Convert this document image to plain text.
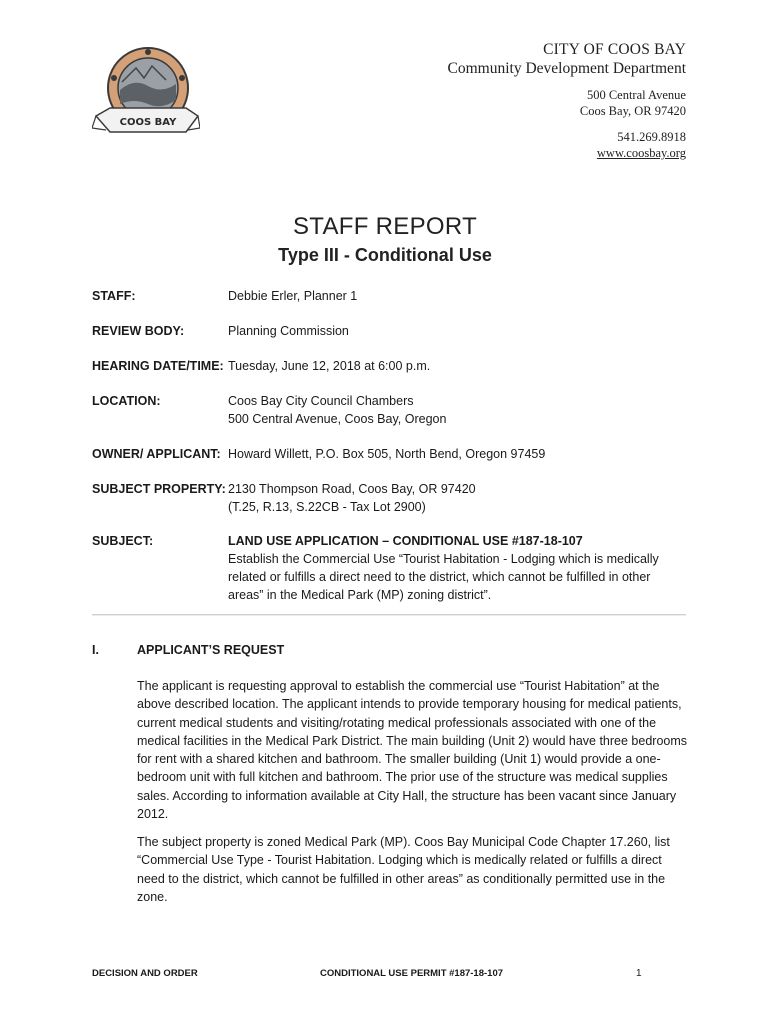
COOS BAY
CITY OF COOS BAY
Community Development Department
500 Central Avenue
Coos Bay, OR 97420
541.269.8918
www.coosbay.org
STAFF REPORT
Type III - Conditional Use
STAFF:	Debbie Erler, Planner 1
REVIEW BODY:	Planning Commission
HEARING DATE/TIME: Tuesday, June 12, 2018 at 6:00 p.m.
LOCATION:	Coos Bay City Council Chambers
500 Central Avenue, Coos Bay, Oregon
OWNER/ APPLICANT: Howard Willett, P.O. Box 505, North Bend, Oregon 97459
SUBJECT PROPERTY: 2130 Thompson Road, Coos Bay, OR 97420
(T.25, R.13, S.22CB - Tax Lot 2900)
SUBJECT:	LAND USE APPLICATION – CONDITIONAL USE #187-18-107
Establish the Commercial Use “Tourist Habitation - Lodging which is medically related or fulfills a direct need to the district, which cannot be fulfilled in other areas” in the Medical Park (MP) zoning district”.
I.	APPLICANT’S REQUEST
The applicant is requesting approval to establish the commercial use “Tourist Habitation” at the above described location. The applicant intends to provide temporary housing for medical patients, current medical students and visiting/rotating medical professionals associated with one of the medical facilities in the Medical Park District. The main building (Unit 2) would have three bedrooms for rent with a shared kitchen and bathroom. The smaller building (Unit 1) would provide a one-bedroom unit with full kitchen and bathroom. The prior use of the structure was medical supplies sales. According to information available at City Hall, the structure has been vacant since January 2012.
The subject property is zoned Medical Park (MP). Coos Bay Municipal Code Chapter 17.260, list “Commercial Use Type - Tourist Habitation. Lodging which is medically related or fulfills a direct need to the district, which cannot be fulfilled in other areas” as conditionally permitted use in the zone.
DECISION AND ORDER	CONDITIONAL USE PERMIT #187-18-107	1
